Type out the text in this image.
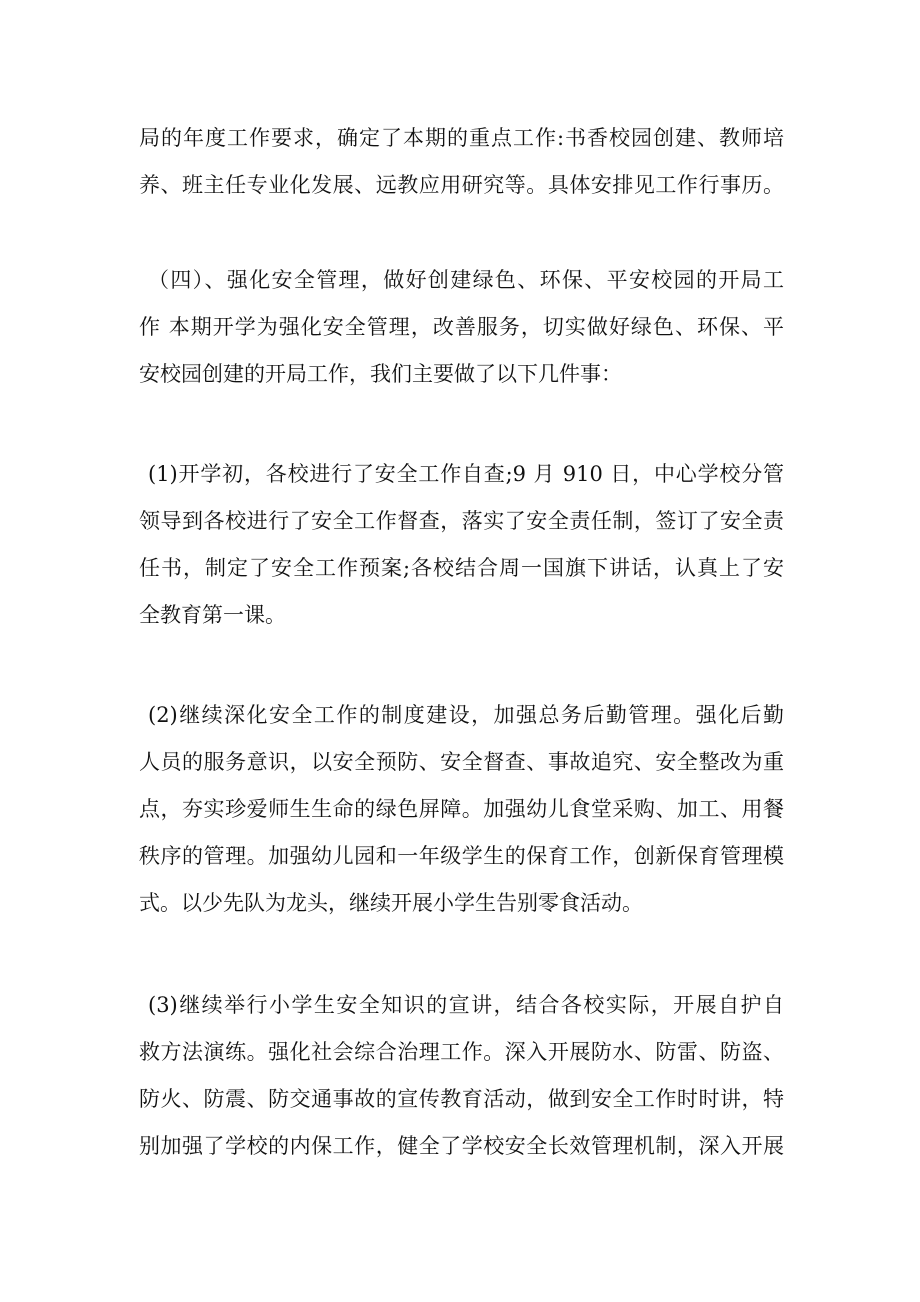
局的年度工作要求，确定了本期的重点工作:书香校园创建、教师培
养、班主任专业化发展、远教应用研究等。具体安排见工作行事历。
（四）、强化安全管理，做好创建绿色、环保、平安校园的开局工
作 本期开学为强化安全管理，改善服务，切实做好绿色、环保、平
安校园创建的开局工作，我们主要做了以下几件事：
(1)开学初，各校进行了安全工作自查;9 月 910 日，中心学校分管
领导到各校进行了安全工作督查，落实了安全责任制，签订了安全责
任书，制定了安全工作预案;各校结合周一国旗下讲话，认真上了安
全教育第一课。
(2)继续深化安全工作的制度建设，加强总务后勤管理。强化后勤
人员的服务意识，以安全预防、安全督查、事故追究、安全整改为重
点，夯实珍爱师生生命的绿色屏障。加强幼儿食堂采购、加工、用餐
秩序的管理。加强幼儿园和一年级学生的保育工作，创新保育管理模
式。以少先队为龙头，继续开展小学生告别零食活动。
(3)继续举行小学生安全知识的宣讲，结合各校实际，开展自护自
救方法演练。强化社会综合治理工作。深入开展防水、防雷、防盗、
防火、防震、防交通事故的宣传教育活动，做到安全工作时时讲，特
别加强了学校的内保工作，健全了学校安全长效管理机制，深入开展
